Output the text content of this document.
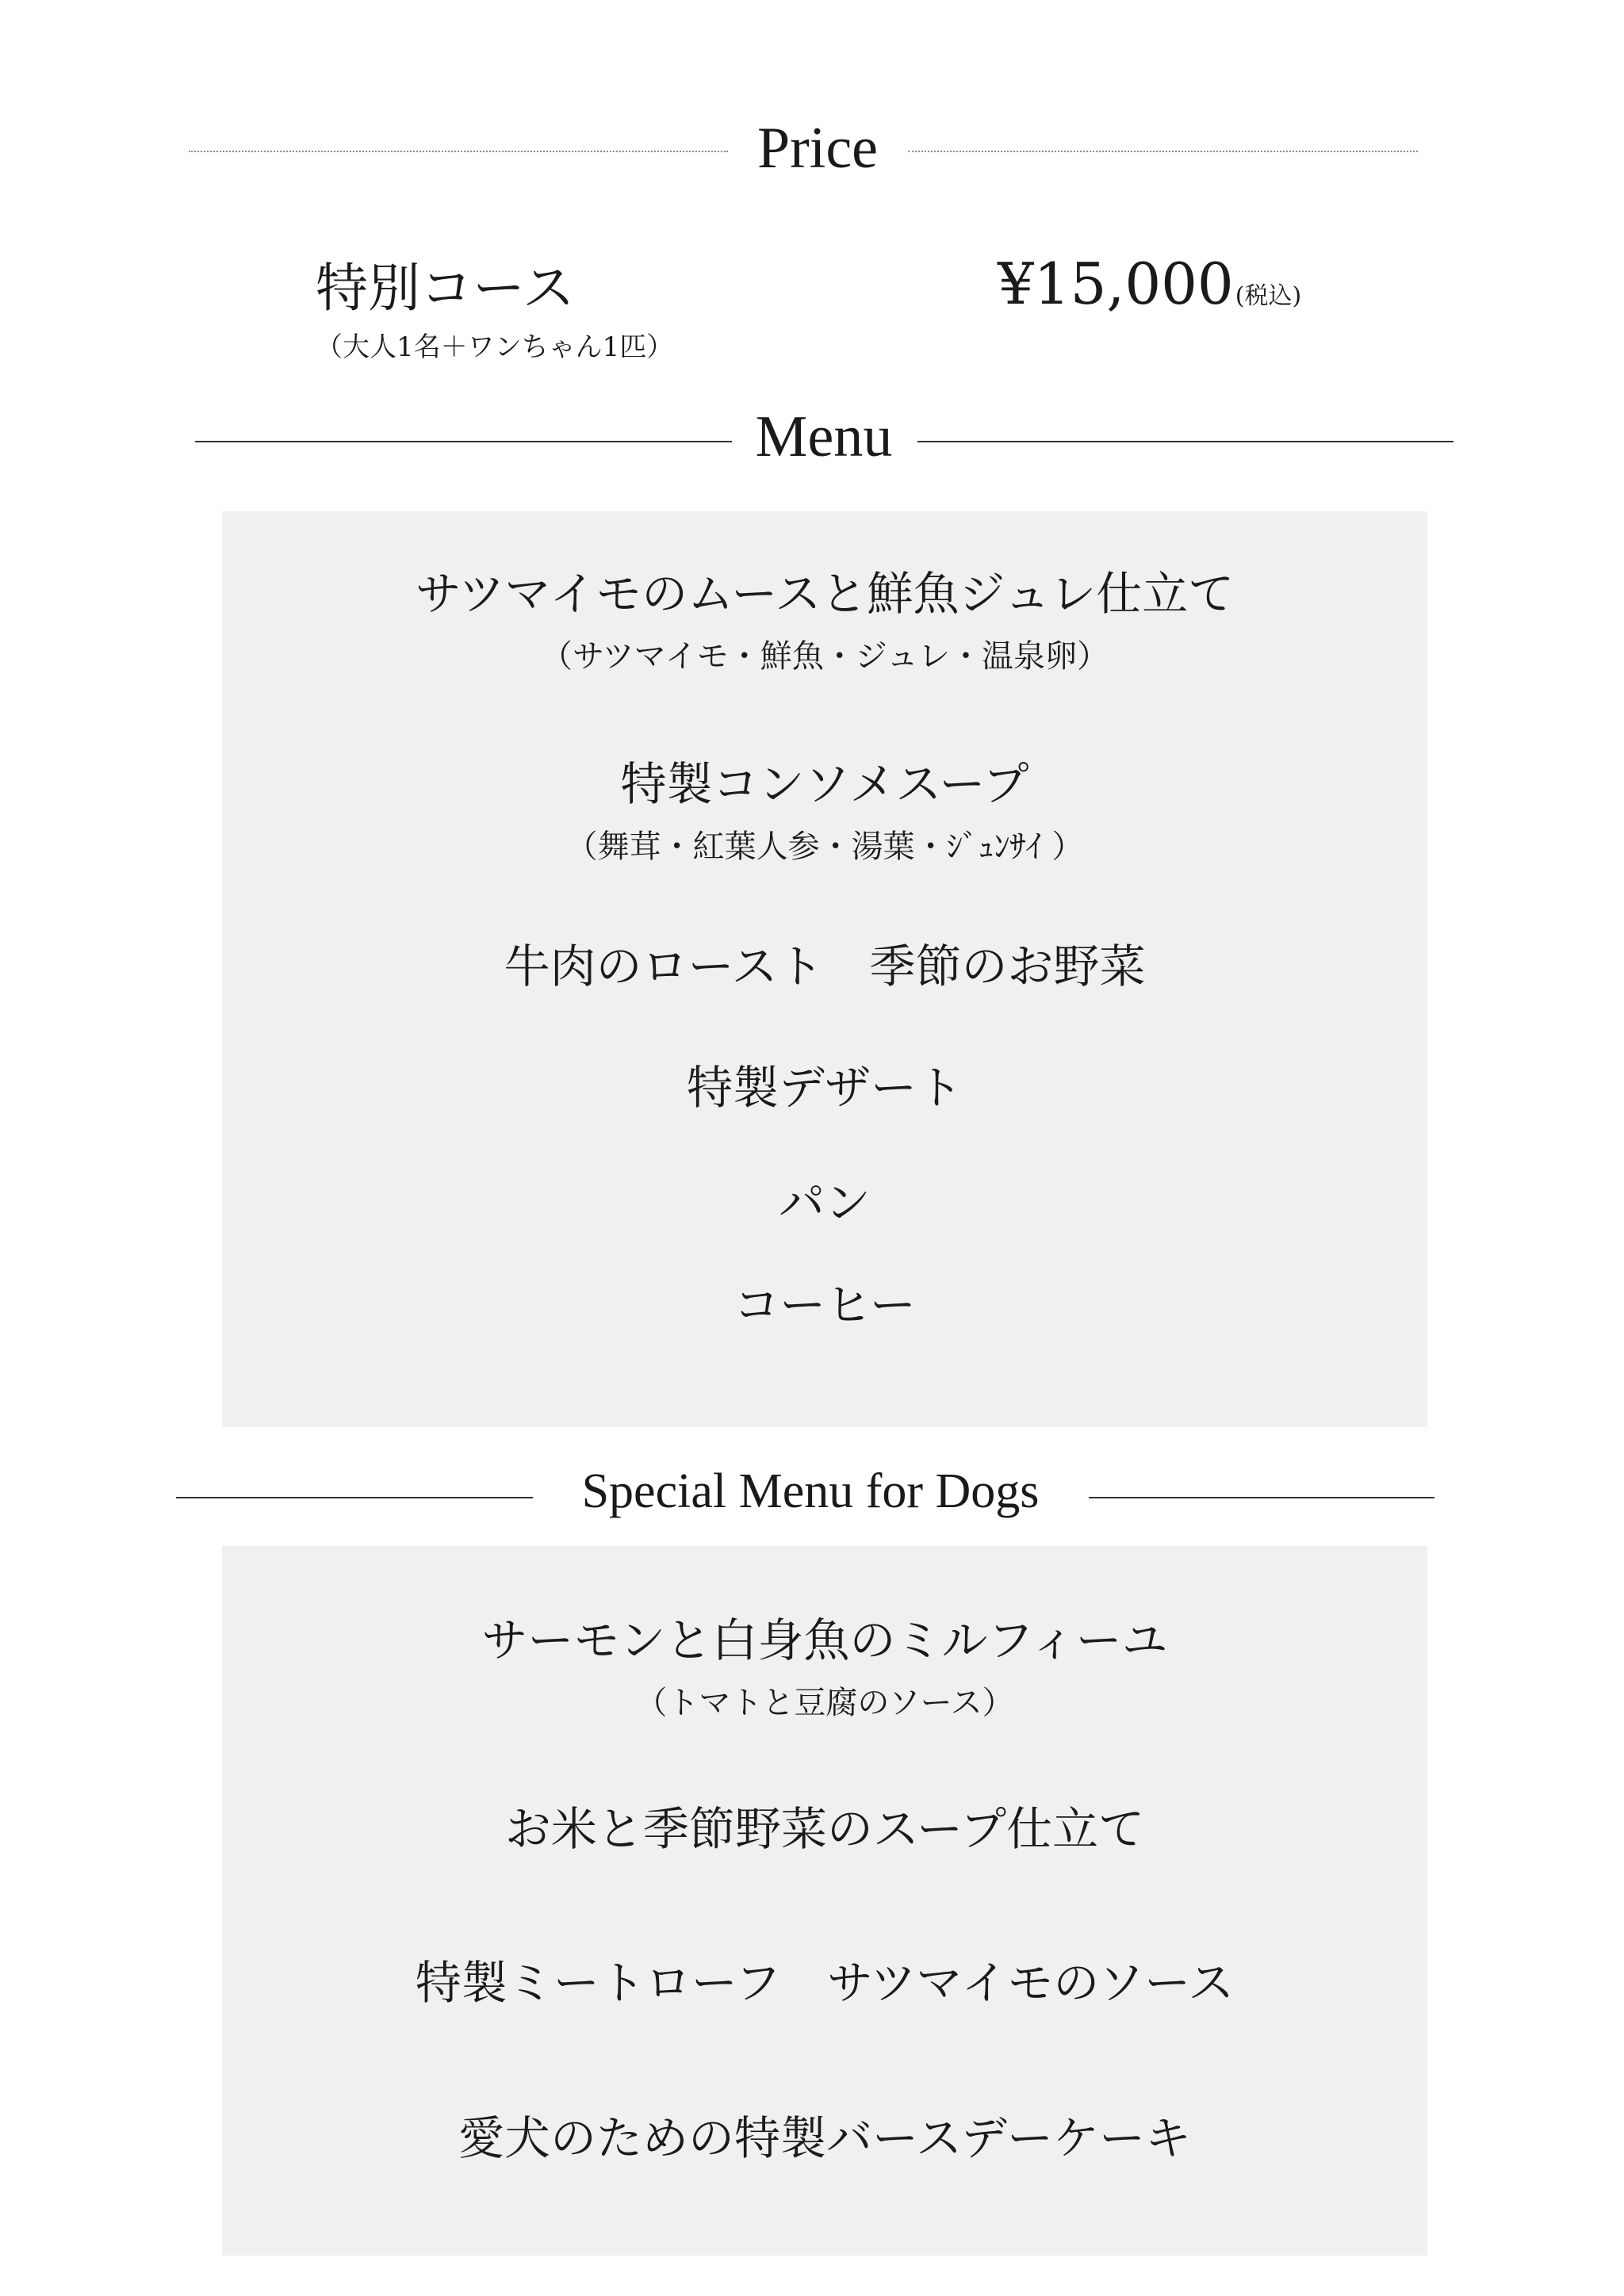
Price
特別コース
（大人1名＋ワンちゃん1匹）
¥15,000(税込)
Menu
サツマイモのムースと鮮魚ジュレ仕立て
（サツマイモ・鮮魚・ジュレ・温泉卵）
特製コンソメスープ
（舞茸・紅葉人参・湯葉・ｼﾞｭﾝｻｲ ）
牛肉のロースト　季節のお野菜
特製デザート
パン
コーヒー
Special Menu for Dogs
サーモンと白身魚のミルフィーユ
（トマトと豆腐のソース）
お米と季節野菜のスープ仕立て
特製ミートローフ　サツマイモのソース
愛犬のための特製バースデーケーキ
